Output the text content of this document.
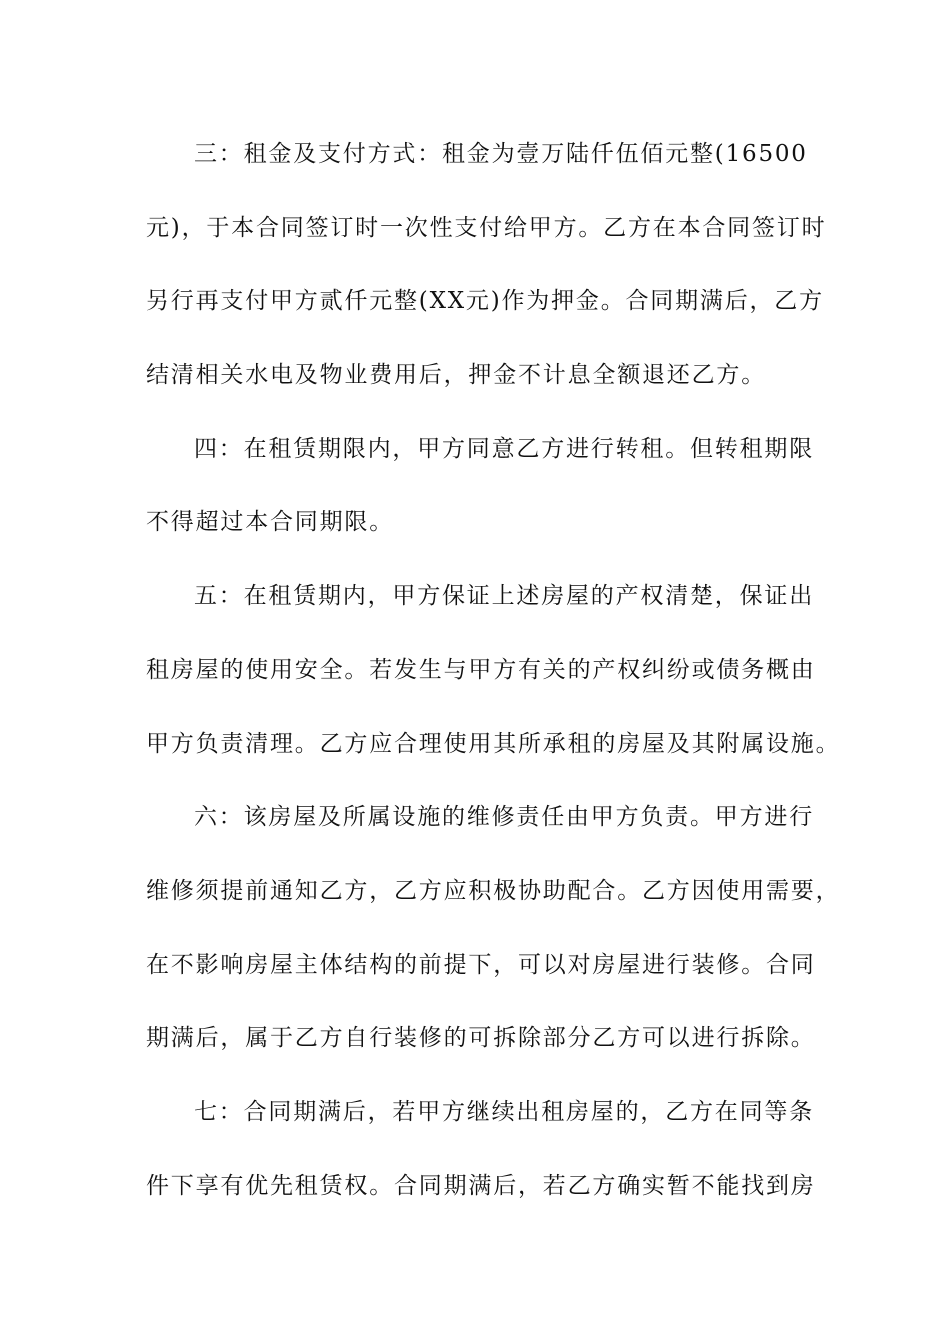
三：租金及支付方式：租金为壹万陆仟伍佰元整(16500
元)，于本合同签订时一次性支付给甲方。乙方在本合同签订时
另行再支付甲方贰仟元整(XX元)作为押金。合同期满后，乙方
结清相关水电及物业费用后，押金不计息全额退还乙方。
四：在租赁期限内，甲方同意乙方进行转租。但转租期限
不得超过本合同期限。
五：在租赁期内，甲方保证上述房屋的产权清楚，保证出
租房屋的使用安全。若发生与甲方有关的产权纠纷或债务概由
甲方负责清理。乙方应合理使用其所承租的房屋及其附属设施。
六：该房屋及所属设施的维修责任由甲方负责。甲方进行
维修须提前通知乙方，乙方应积极协助配合。乙方因使用需要，
在不影响房屋主体结构的前提下，可以对房屋进行装修。合同
期满后，属于乙方自行装修的可拆除部分乙方可以进行拆除。
七：合同期满后，若甲方继续出租房屋的，乙方在同等条
件下享有优先租赁权。合同期满后，若乙方确实暂不能找到房
